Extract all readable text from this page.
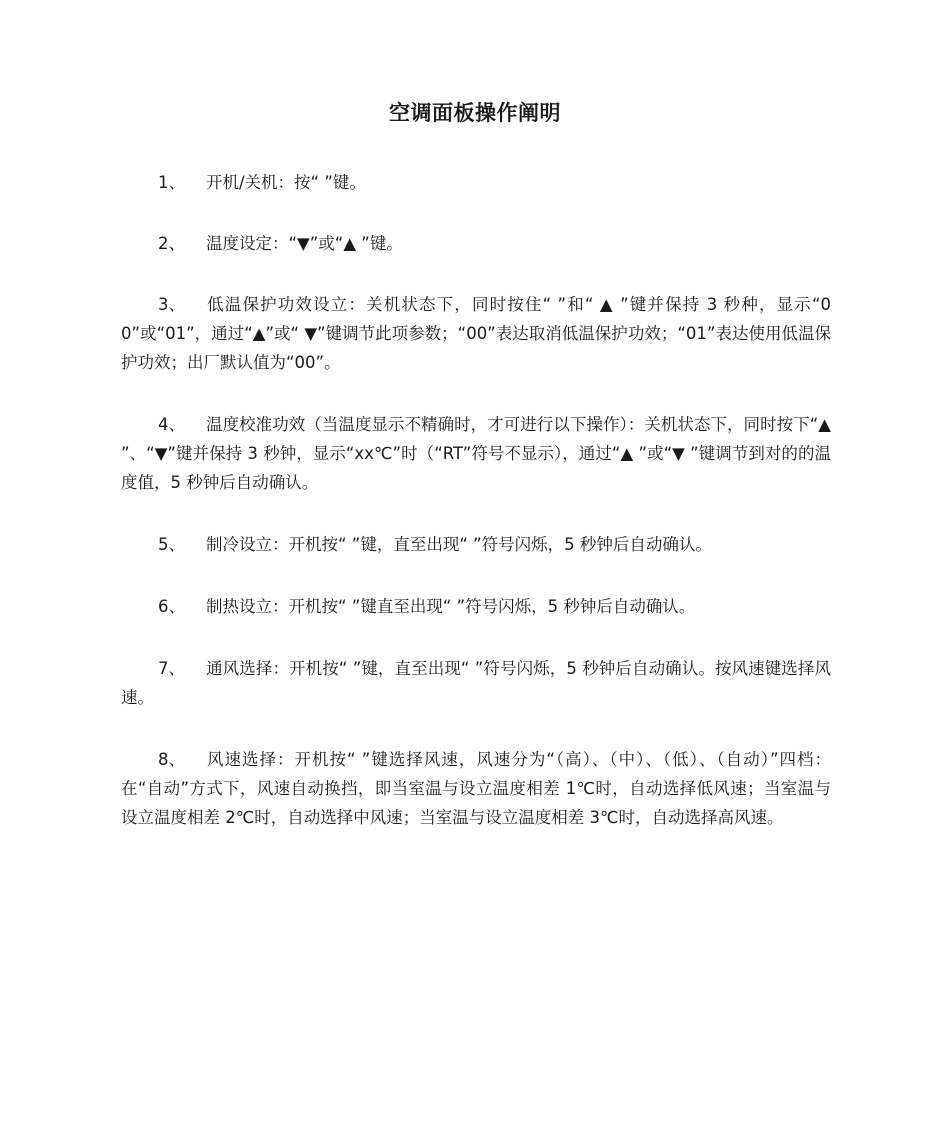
空调面板操作阐明

1、 开机/关机：按“ ”键。

2、 温度设定：“▼”或“▲ ”键。

3、 低温保护功效设立：关机状态下，同时按住“ ”和“ ▲ ”键并保持 3 秒种，显示“00”或“01”，通过“▲”或“ ▼”键调节此项参数；“00”表达取消低温保护功效；“01”表达使用低温保护功效；出厂默认值为“00”。

4、 温度校准功效（当温度显示不精确时，才可进行以下操作）：关机状态下，同时按下“▲ ”、“▼”键并保持 3 秒钟，显示“xx℃”时（“RT”符号不显示），通过“▲ ”或“▼ ”键调节到对的的温度值，5 秒钟后自动确认。

5、 制冷设立：开机按“ ”键，直至出现“ ”符号闪烁，5 秒钟后自动确认。

6、 制热设立：开机按“ ”键直至出现“ ”符号闪烁，5 秒钟后自动确认。

7、 通风选择：开机按“ ”键，直至出现“ ”符号闪烁，5 秒钟后自动确认。按风速键选择风速。

8、 风速选择：开机按“ ”键选择风速，风速分为“（高）、（中）、（低）、（自动）”四档：在“自动”方式下，风速自动换挡，即当室温与设立温度相差 1℃时，自动选择低风速；当室温与设立温度相差 2℃时，自动选择中风速；当室温与设立温度相差 3℃时，自动选择高风速。
